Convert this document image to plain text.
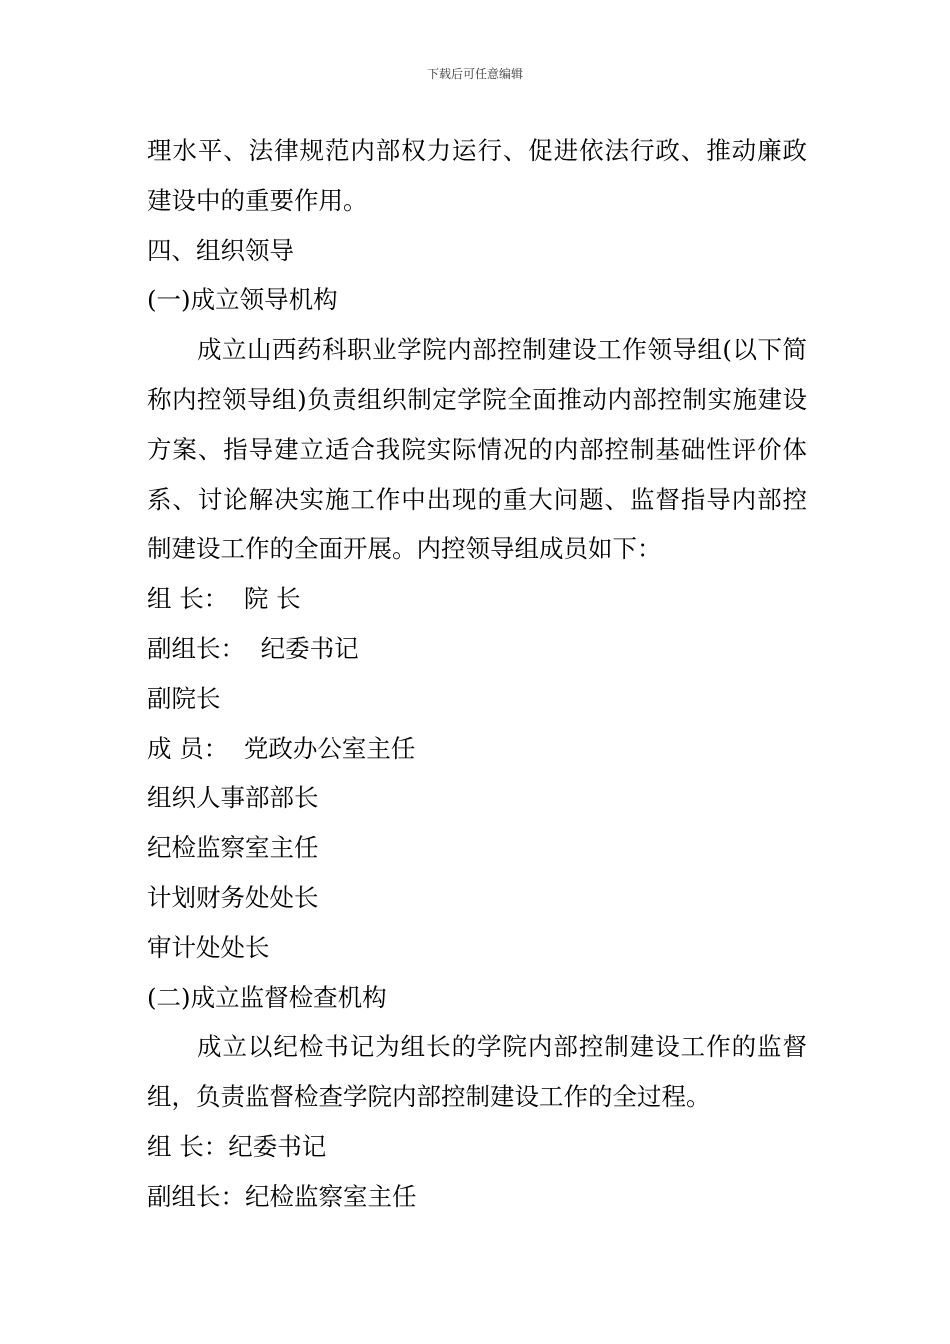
下载后可任意编辑

理水平、法律规范内部权力运行、促进依法行政、推动廉政建设中的重要作用。

四、组织领导

(一)成立领导机构

成立山西药科职业学院内部控制建设工作领导组(以下简称内控领导组)负责组织制定学院全面推动内部控制实施建设方案、指导建立适合我院实际情况的内部控制基础性评价体系、讨论解决实施工作中出现的重大问题、监督指导内部控制建设工作的全面开展。内控领导组成员如下：

组 长：  院 长

副组长：  纪委书记

副院长

成 员：  党政办公室主任

组织人事部部长

纪检监察室主任

计划财务处处长

审计处处长

(二)成立监督检查机构

成立以纪检书记为组长的学院内部控制建设工作的监督组，负责监督检查学院内部控制建设工作的全过程。

组 长：纪委书记

副组长：纪检监察室主任
